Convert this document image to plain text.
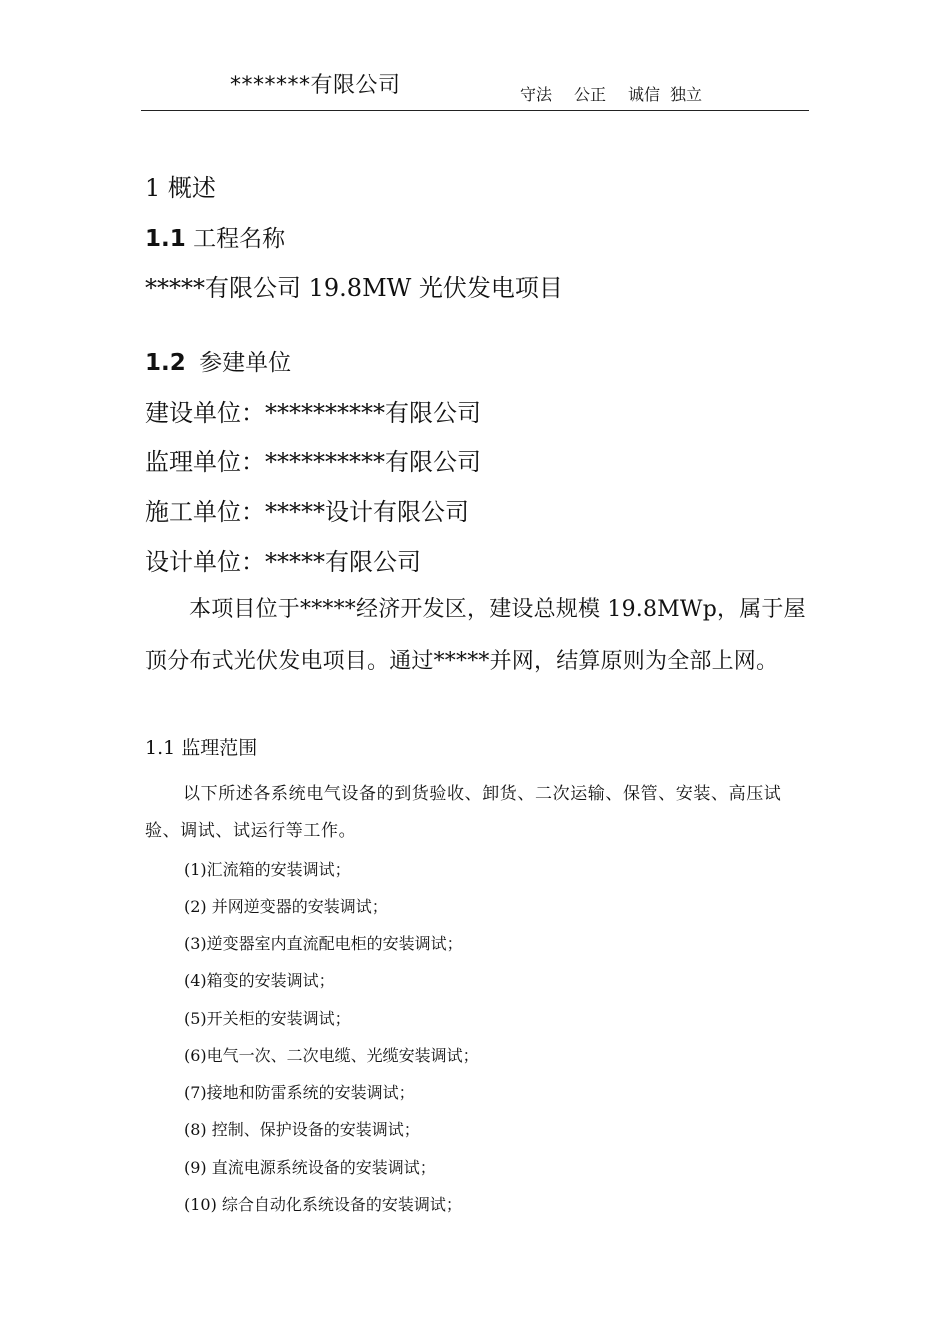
*******有限公司	守法 公正 诚信 独立
1 概述
1.1 工程名称
*****有限公司 19.8MW 光伏发电项目
1.2 参建单位
建设单位：**********有限公司
监理单位：**********有限公司
施工单位：*****设计有限公司
设计单位：*****有限公司
本项目位于*****经济开发区，建设总规模 19.8MWp，属于屋顶分布式光伏发电项目。通过*****并网，结算原则为全部上网。
1.1 监理范围
以下所述各系统电气设备的到货验收、卸货、二次运输、保管、安装、高压试验、调试、试运行等工作。
(1)汇流箱的安装调试；
(2) 并网逆变器的安装调试；
(3)逆变器室内直流配电柜的安装调试；
(4)箱变的安装调试；
(5)开关柜的安装调试；
(6)电气一次、二次电缆、光缆安装调试；
(7)接地和防雷系统的安装调试；
(8) 控制、保护设备的安装调试；
(9) 直流电源系统设备的安装调试；
(10) 综合自动化系统设备的安装调试；
